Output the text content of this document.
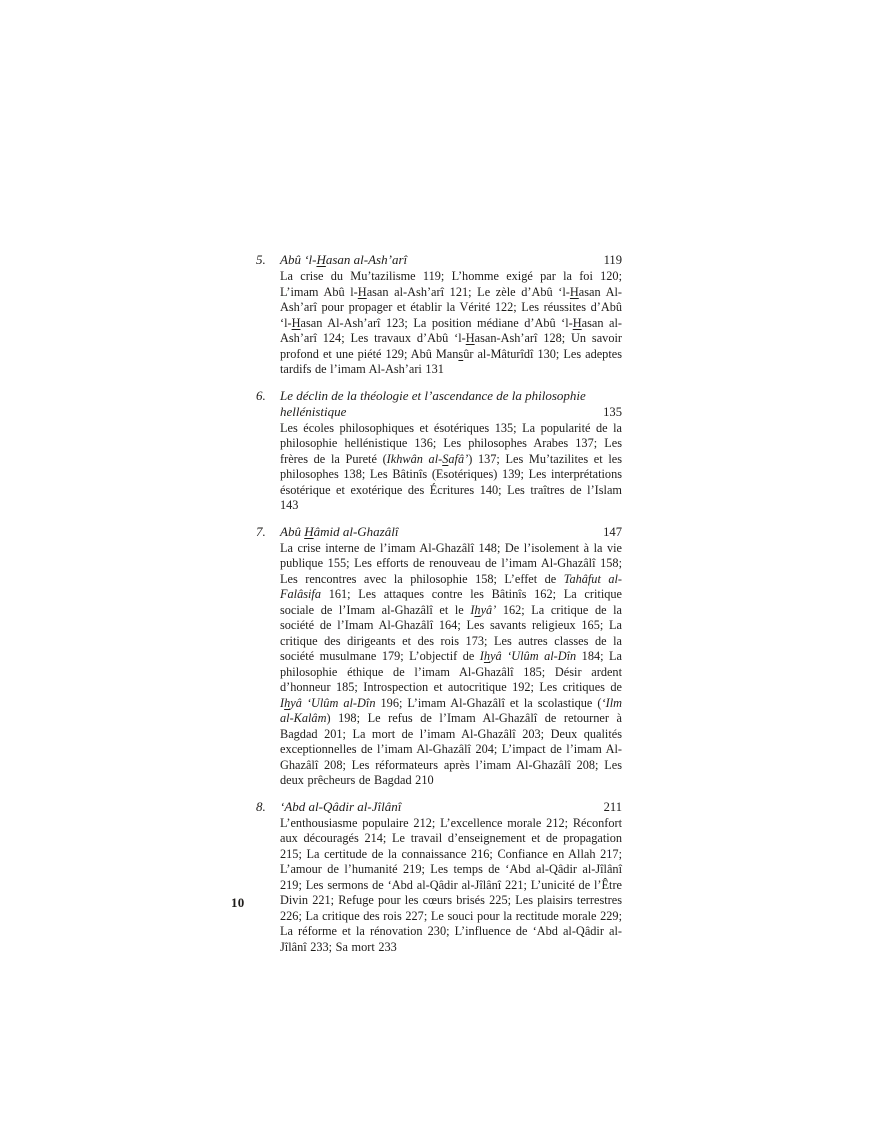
5.	Abû ‘l-Hasan al-Ash’arî	119
La crise du Mu’tazilisme 119; L’homme exigé par la foi 120; L’imam Abû l-Hasan al-Ash’arî 121; Le zèle d’Abû ‘l-Hasan Al-Ash’arî pour propager et établir la Vérité 122; Les réussites d’Abû ‘l-Hasan Al-Ash’arî 123; La position médiane d’Abû ‘l-Hasan al-Ash’arî 124; Les travaux d’Abû ‘l-Hasan-Ash’arî 128; Un savoir profond et une piété 129; Abû Mansûr al-Mâturîdî 130; Les adeptes tardifs de l’imam Al-Ash’ari 131
6.	Le déclin de la théologie et l’ascendance de la philosophie hellénistique	135
Les écoles philosophiques et ésotériques 135; La popularité de la philosophie hellénistique 136; Les philosophes Arabes 137; Les frères de la Pureté (Ikhwân al-Safâ’) 137; Les Mu’tazilites et les philosophes 138; Les Bâtinîs (Esotériques) 139; Les interprétations ésotérique et exotérique des Écritures 140; Les traîtres de l’Islam 143
7.	Abû Hâmid al-Ghazâlî	147
La crise interne de l’imam Al-Ghazâlî 148; De l’isolement à la vie publique 155; Les efforts de renouveau de l’imam Al-Ghazâlî 158; Les rencontres avec la philosophie 158; L’effet de Tahâfut al-Falâsifa 161; Les attaques contre les Bâtinîs 162; La critique sociale de l’Imam al-Ghazâlî et le Ihyâ’ 162; La critique de la société de l’Imam Al-Ghazâlî 164; Les savants religieux 165; La critique des dirigeants et des rois 173; Les autres classes de la société musulmane 179; L’objectif de Ihyâ ‘Ulûm al-Dîn 184; La philosophie éthique de l’imam Al-Ghazâlî 185; Désir ardent d’honneur 185; Introspection et autocritique 192; Les critiques de Ihyâ ‘Ulûm al-Dîn 196; L’imam Al-Ghazâlî et la scolastique (‘Ilm al-Kalâm) 198; Le refus de l’Imam Al-Ghazâlî de retourner à Bagdad 201; La mort de l’imam Al-Ghazâlî 203; Deux qualités exceptionnelles de l’imam Al-Ghazâlî 204; L’impact de l’imam Al-Ghazâlî 208; Les réformateurs après l’imam Al-Ghazâlî 208; Les deux prêcheurs de Bagdad 210
8.	‘Abd al-Qâdir al-Jîlânî	211
L’enthousiasme populaire 212; L’excellence morale 212; Réconfort aux découragés 214; Le travail d’enseignement et de propagation 215; La certitude de la connaissance 216; Confiance en Allah 217; L’amour de l’humanité 219; Les temps de ‘Abd al-Qâdir al-Jîlânî 219; Les sermons de ‘Abd al-Qâdir al-Jîlânî 221; L’unicité de l’Être Divin 221; Refuge pour les cœurs brisés 225; Les plaisirs terrestres 226; La critique des rois 227; Le souci pour la rectitude morale 229; La réforme et la rénovation 230; L’influence de ‘Abd al-Qâdir al-Jîlânî 233; Sa mort 233
10
